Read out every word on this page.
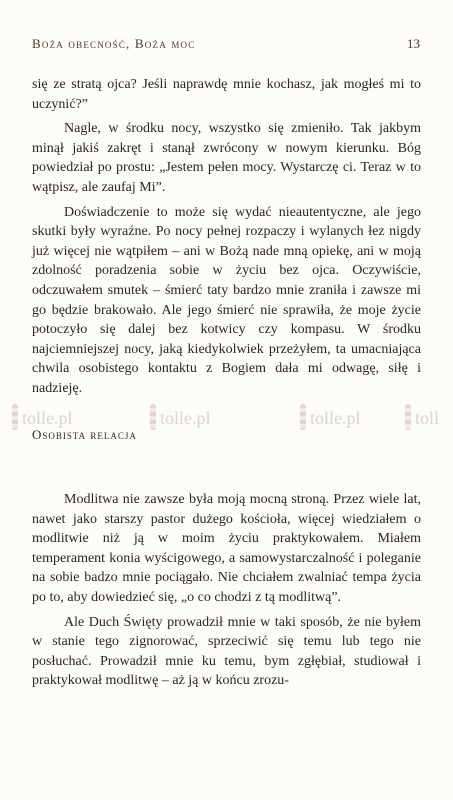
Boża obecność, Boża moc	13

się ze stratą ojca? Jeśli naprawdę mnie kochasz, jak mogłeś mi to uczynić?”

Nagle, w środku nocy, wszystko się zmieniło. Tak jakbym minął jakiś zakręt i stanął zwrócony w nowym kierunku. Bóg powiedział po prostu: „Jestem pełen mocy. Wystarczę ci. Teraz w to wątpisz, ale zaufaj Mi”.

Doświadczenie to może się wydać nieautentyczne, ale jego skutki były wyraźne. Po nocy pełnej rozpaczy i wylanych łez nigdy już więcej nie wątpiłem – ani w Bożą nade mną opiekę, ani w moją zdolność poradzenia sobie w życiu bez ojca. Oczywiście, odczuwałem smutek – śmierć taty bardzo mnie zraniła i zawsze mi go będzie brakowało. Ale jego śmierć nie sprawiła, że moje życie potoczyło się dalej bez kotwicy czy kompasu. W środku najciemniejszej nocy, jaką kiedykolwiek przeżyłem, ta umacniająca chwila osobistego kontaktu z Bogiem dała mi odwagę, siłę i nadzieję.

tolle.pl	tolle.pl	tolle.pl	toll
Osobista relacja

Modlitwa nie zawsze była moją mocną stroną. Przez wiele lat, nawet jako starszy pastor dużego kościoła, więcej wiedziałem o modlitwie niż ją w moim życiu praktykowałem. Miałem temperament konia wyścigowego, a samowystarczalność i poleganie na sobie badzo mnie pociągało. Nie chciałem zwalniać tempa życia po to, aby dowiedzieć się, „o co chodzi z tą modlitwą”.

Ale Duch Święty prowadził mnie w taki sposób, że nie byłem w stanie tego zignorować, sprzeciwić się temu lub tego nie posłuchać. Prowadził mnie ku temu, bym zgłębiał, studiował i praktykował modlitwę – aż ją w końcu zrozu-
